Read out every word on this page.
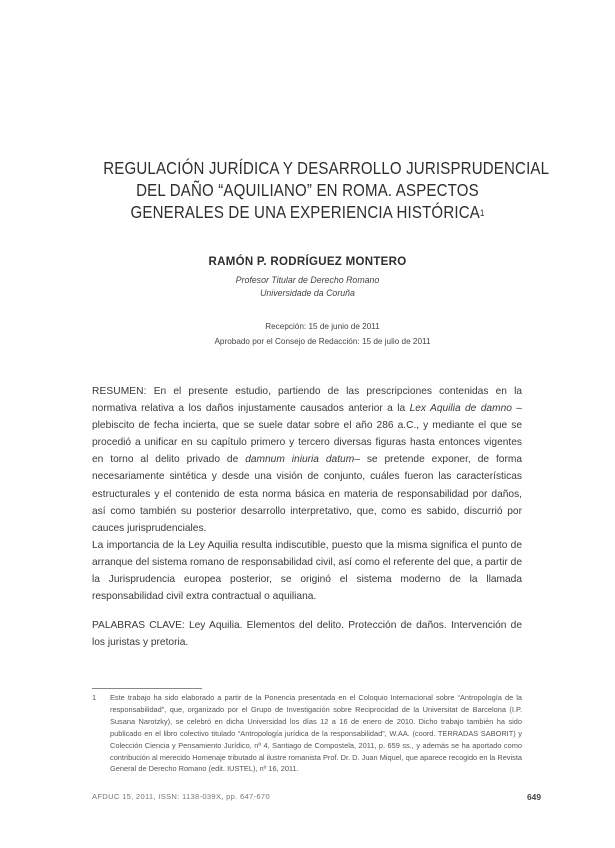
REGULACIÓN JURÍDICA Y DESARROLLO JURISPRUDENCIAL
DEL DAÑO “AQUILIANO” EN ROMA. ASPECTOS
GENERALES DE UNA EXPERIENCIA HISTÓRICA$^1$
RAMÓN P. RODRÍGUEZ MONTERO
Profesor Titular de Derecho Romano
Universidade da Coruña
Recepción: 15 de junio de 2011
Aprobado por el Consejo de Redacción: 15 de julio de 2011

RESUMEN: En el presente estudio, partiendo de las prescripciones contenidas en la normativa relativa a los daños injustamente causados anterior a la Lex Aquilia de damno –plebiscito de fecha incierta, que se suele datar sobre el año 286 a.C., y mediante el que se procedió a unificar en su capítulo primero y tercero diversas figuras hasta entonces vigentes en torno al delito privado de damnum iniuria datum– se pretende exponer, de forma necesariamente sintética y desde una visión de conjunto, cuáles fueron las características estructurales y el contenido de esta norma básica en materia de responsabilidad por daños, así como también su posterior desarrollo interpretativo, que, como es sabido, discurrió por cauces jurisprudenciales.

La importancia de la Ley Aquilia resulta indiscutible, puesto que la misma significa el punto de arranque del sistema romano de responsabilidad civil, así como el referente del que, a partir de la Jurisprudencia europea posterior, se originó el sistema moderno de la llamada responsabilidad civil extra contractual o aquiliana.

PALABRAS CLAVE: Ley Aquilia. Elementos del delito. Protección de daños. Intervención de los juristas y pretoria.
1	Este trabajo ha sido elaborado a partir de la Ponencia presentada en el Coloquio Internacional sobre “Antropología de la responsabilidad”, que, organizado por el Grupo de Investigación sobre Reciprocidad de la Universitat de Barcelona (I.P. Susana Narotzky), se celebró en dicha Universidad los días 12 a 16 de enero de 2010. Dicho trabajo también ha sido publicado en el libro colectivo titulado “Antropología jurídica de la responsabilidad”, W.AA. (coord. TERRADAS SABORIT) y Colección Ciencia y Pensamiento Jurídico, nº 4, Santiago de Compostela, 2011, p. 659 ss., y además se ha aportado como contribución al merecido Homenaje tributado al ilustre romanista Prof. Dr. D. Juan Miquel, que aparece recogido en la Revista General de Derecho Romano (edit. IUSTEL), nº 16, 2011.
AFDUC 15, 2011, ISSN: 1138-039X, pp. 647-670	649
